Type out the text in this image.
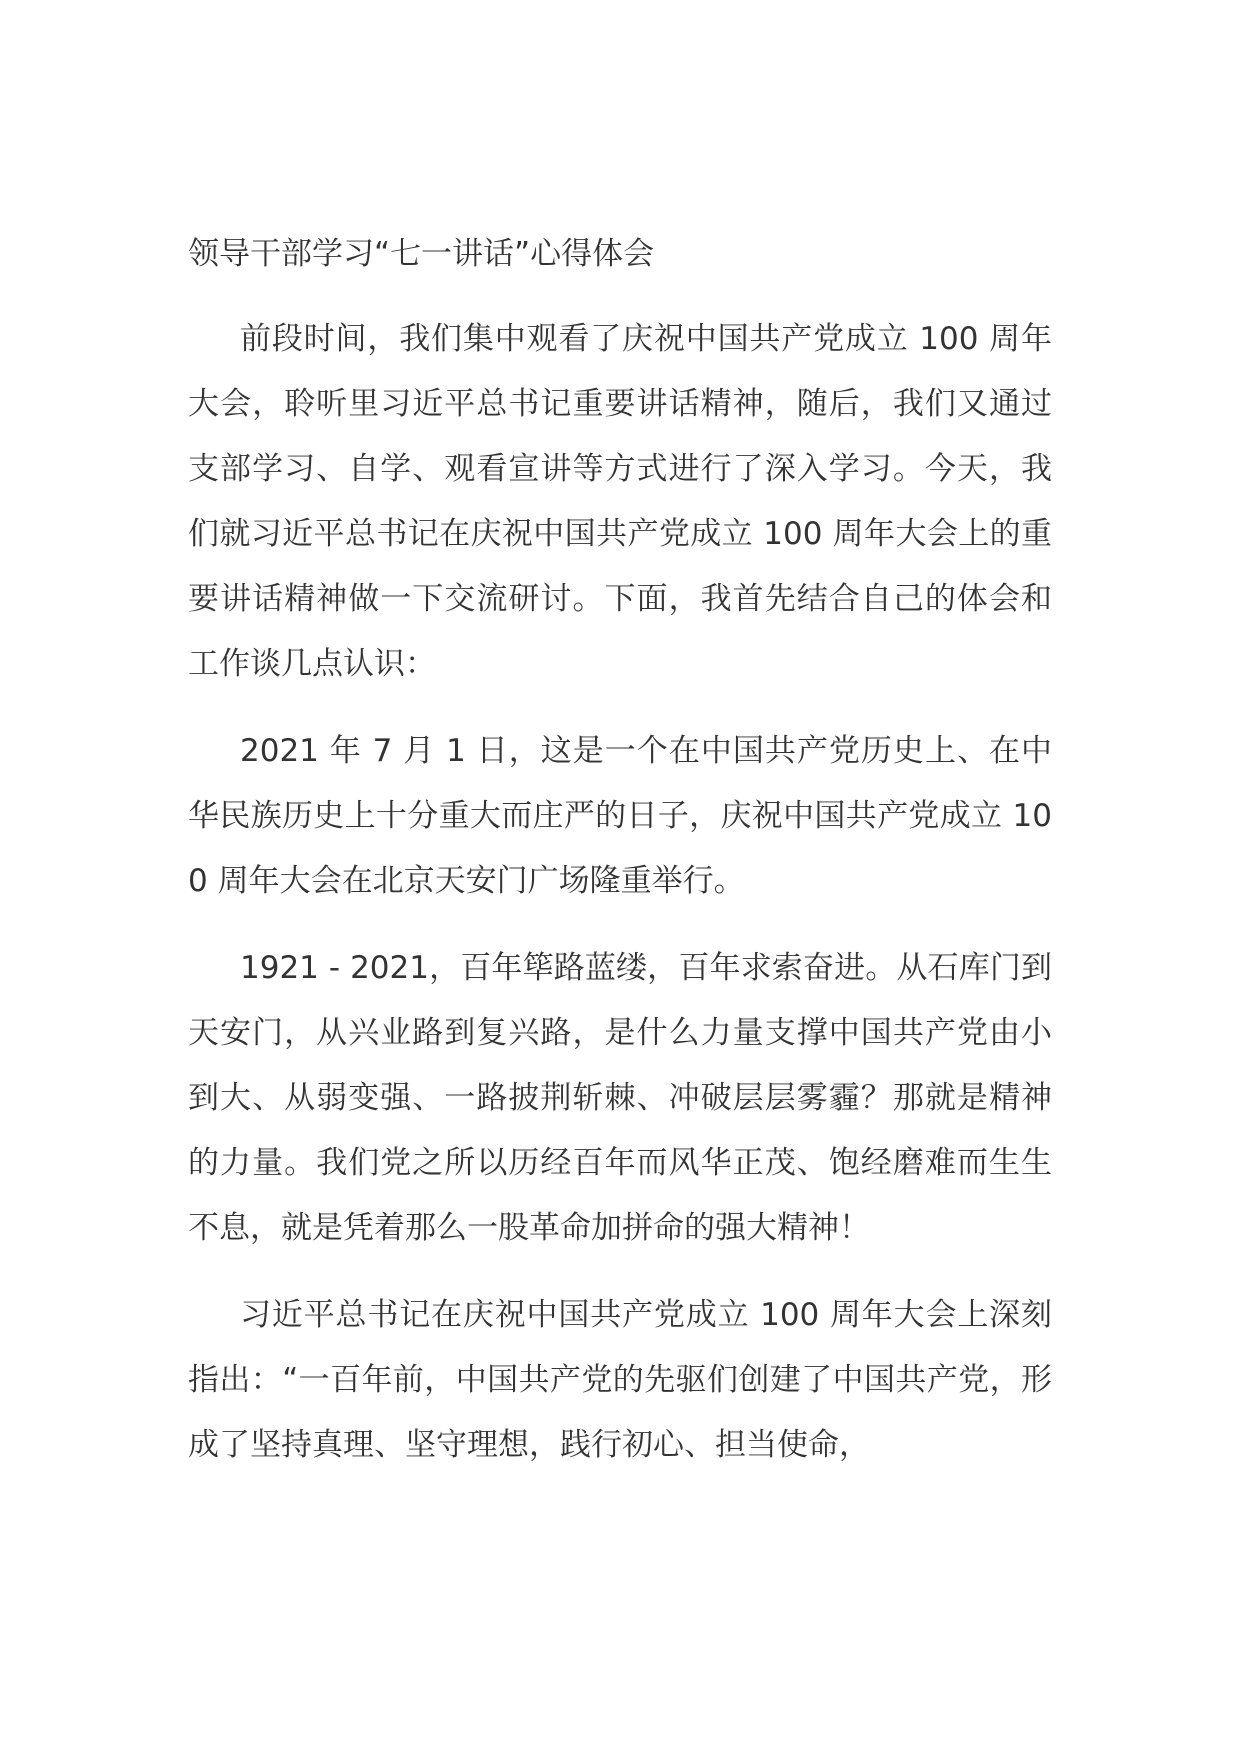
领导干部学习“七一讲话”心得体会

前段时间，我们集中观看了庆祝中国共产党成立 100 周年大会，聆听里习近平总书记重要讲话精神，随后，我们又通过支部学习、自学、观看宣讲等方式进行了深入学习。今天，我们就习近平总书记在庆祝中国共产党成立 100 周年大会上的重要讲话精神做一下交流研讨。下面，我首先结合自己的体会和工作谈几点认识：

2021 年 7 月 1 日，这是一个在中国共产党历史上、在中华民族历史上十分重大而庄严的日子，庆祝中国共产党成立 100 周年大会在北京天安门广场隆重举行。

1921 - 2021，百年筚路蓝缕，百年求索奋进。从石库门到天安门，从兴业路到复兴路，是什么力量支撑中国共产党由小到大、从弱变强、一路披荆斩棘、冲破层层雾霾？那就是精神的力量。我们党之所以历经百年而风华正茂、饱经磨难而生生不息，就是凭着那么一股革命加拼命的强大精神！

习近平总书记在庆祝中国共产党成立 100 周年大会上深刻指出：“一百年前，中国共产党的先驱们创建了中国共产党，形成了坚持真理、坚守理想，践行初心、担当使命，
